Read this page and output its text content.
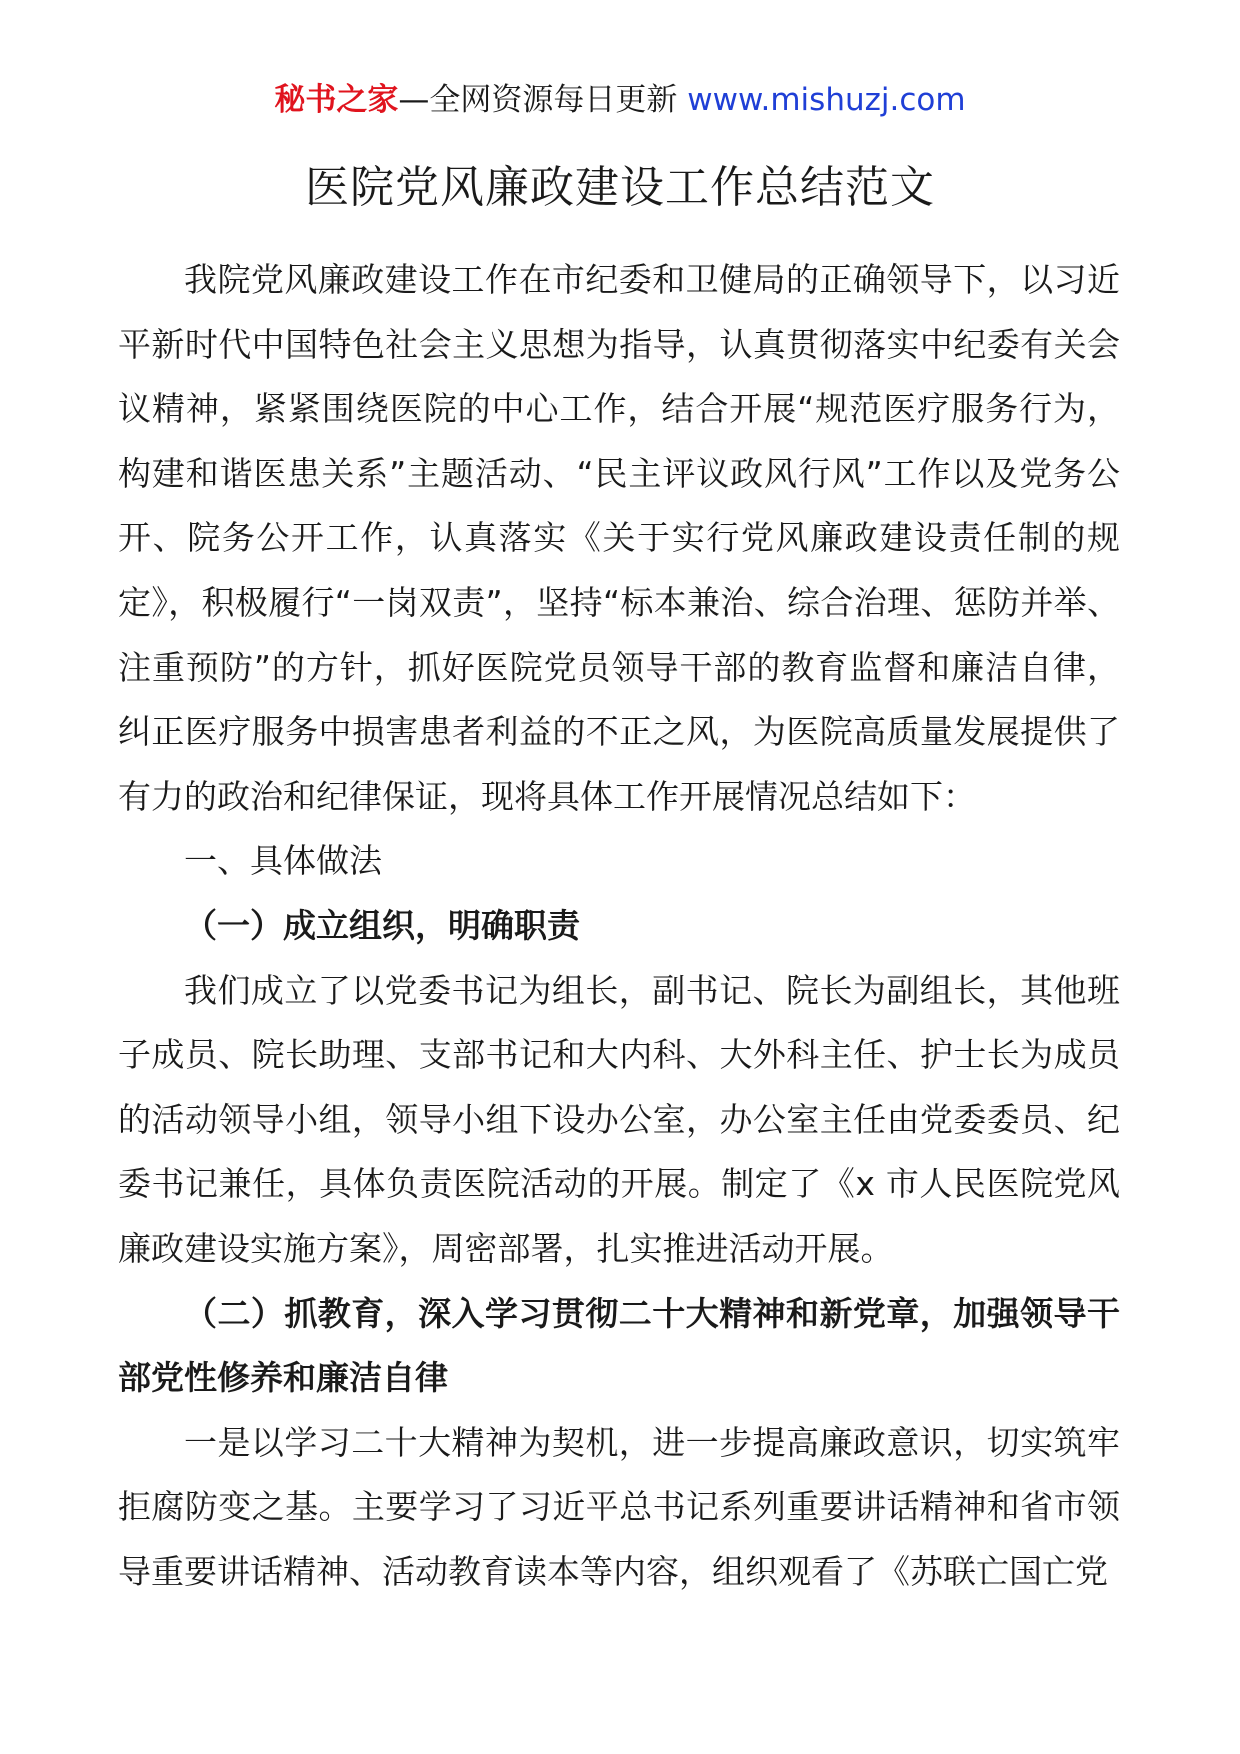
秘书之家—全网资源每日更新 www.mishuzj.com
医院党风廉政建设工作总结范文

我院党风廉政建设工作在市纪委和卫健局的正确领导下，以习近平新时代中国特色社会主义思想为指导，认真贯彻落实中纪委有关会议精神，紧紧围绕医院的中心工作，结合开展“规范医疗服务行为，构建和谐医患关系”主题活动、“民主评议政风行风”工作以及党务公开、院务公开工作，认真落实《关于实行党风廉政建设责任制的规定》，积极履行“一岗双责”，坚持“标本兼治、综合治理、惩防并举、注重预防”的方针，抓好医院党员领导干部的教育监督和廉洁自律，纠正医疗服务中损害患者利益的不正之风，为医院高质量发展提供了有力的政治和纪律保证，现将具体工作开展情况总结如下：

一、具体做法

（一）成立组织，明确职责

我们成立了以党委书记为组长，副书记、院长为副组长，其他班子成员、院长助理、支部书记和大内科、大外科主任、护士长为成员的活动领导小组，领导小组下设办公室，办公室主任由党委委员、纪委书记兼任，具体负责医院活动的开展。制定了《x 市人民医院党风廉政建设实施方案》，周密部署，扎实推进活动开展。

（二）抓教育，深入学习贯彻二十大精神和新党章，加强领导干部党性修养和廉洁自律

一是以学习二十大精神为契机，进一步提高廉政意识，切实筑牢拒腐防变之基。主要学习了习近平总书记系列重要讲话精神和省市领导重要讲话精神、活动教育读本等内容，组织观看了《苏联亡国亡党
